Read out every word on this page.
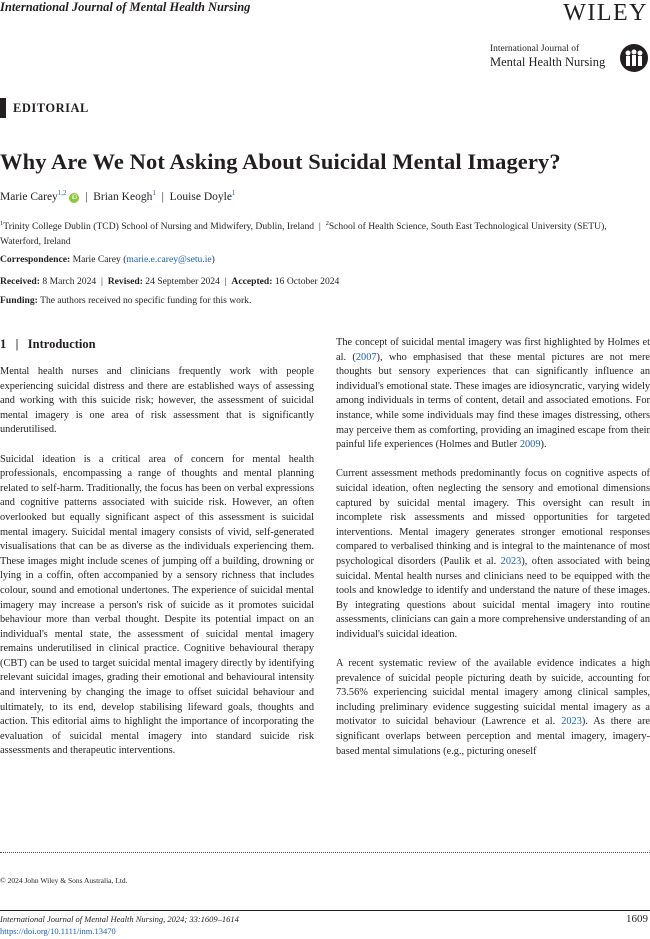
International Journal of Mental Health Nursing	WILEY
International Journal of
Mental Health Nursing
EDITORIAL
Why Are We Not Asking About Suicidal Mental Imagery?
Marie Carey$^{1,2}$ iD | Brian Keogh$^1$ | Louise Doyle$^1$
$^1$Trinity College Dublin (TCD) School of Nursing and Midwifery, Dublin, Ireland | $^2$School of Health Science, South East Technological University (SETU), Waterford, Ireland
Correspondence: Marie Carey (marie.e.carey@setu.ie)
Received: 8 March 2024 | Revised: 24 September 2024 | Accepted: 16 October 2024
Funding: The authors received no specific funding for this work.
1   |   Introduction

Mental health nurses and clinicians frequently work with people experiencing suicidal distress and there are established ways of assessing and working with this suicide risk; however, the assessment of suicidal mental imagery is one area of risk assessment that is significantly underutilised.

Suicidal ideation is a critical area of concern for mental health professionals, encompassing a range of thoughts and mental planning related to self-harm. Traditionally, the focus has been on verbal expressions and cognitive patterns associated with suicide risk. However, an often overlooked but equally significant aspect of this assessment is suicidal mental imagery. Suicidal mental imagery consists of vivid, self-generated visualisations that can be as diverse as the individuals experiencing them. These images might include scenes of jumping off a building, drowning or lying in a coffin, often accompanied by a sensory richness that includes colour, sound and emotional undertones. The experience of suicidal mental imagery may increase a person's risk of suicide as it promotes suicidal behaviour more than verbal thought. Despite its potential impact on an individual's mental state, the assessment of suicidal mental imagery remains underutilised in clinical practice. Cognitive behavioural therapy (CBT) can be used to target suicidal mental imagery directly by identifying relevant suicidal images, grading their emotional and behavioural intensity and intervening by changing the image to offset suicidal behaviour and ultimately, to its end, develop stabilising lifeward goals, thoughts and action. This editorial aims to highlight the importance of incorporating the evaluation of suicidal mental imagery into standard suicide risk assessments and therapeutic interventions.

The concept of suicidal mental imagery was first highlighted by Holmes et al. (2007), who emphasised that these mental pictures are not mere thoughts but sensory experiences that can significantly influence an individual's emotional state. These images are idiosyncratic, varying widely among individuals in terms of content, detail and associated emotions. For instance, while some individuals may find these images distressing, others may perceive them as comforting, providing an imagined escape from their painful life experiences (Holmes and Butler 2009).

Current assessment methods predominantly focus on cognitive aspects of suicidal ideation, often neglecting the sensory and emotional dimensions captured by suicidal mental imagery. This oversight can result in incomplete risk assessments and missed opportunities for targeted interventions. Mental imagery generates stronger emotional responses compared to verbalised thinking and is integral to the maintenance of most psychological disorders (Paulik et al. 2023), often associated with being suicidal. Mental health nurses and clinicians need to be equipped with the tools and knowledge to identify and understand the nature of these images. By integrating questions about suicidal mental imagery into routine assessments, clinicians can gain a more comprehensive understanding of an individual's suicidal ideation.

A recent systematic review of the available evidence indicates a high prevalence of suicidal people picturing death by suicide, accounting for 73.56% experiencing suicidal mental imagery among clinical samples, including preliminary evidence suggesting suicidal mental imagery as a motivator to suicidal behaviour (Lawrence et al. 2023). As there are significant overlaps between perception and mental imagery, imagery-based mental simulations (e.g., picturing oneself

© 2024 John Wiley & Sons Australia, Ltd.
International Journal of Mental Health Nursing, 2024; 33:1609–1614
https://doi.org/10.1111/inm.13470
1609
